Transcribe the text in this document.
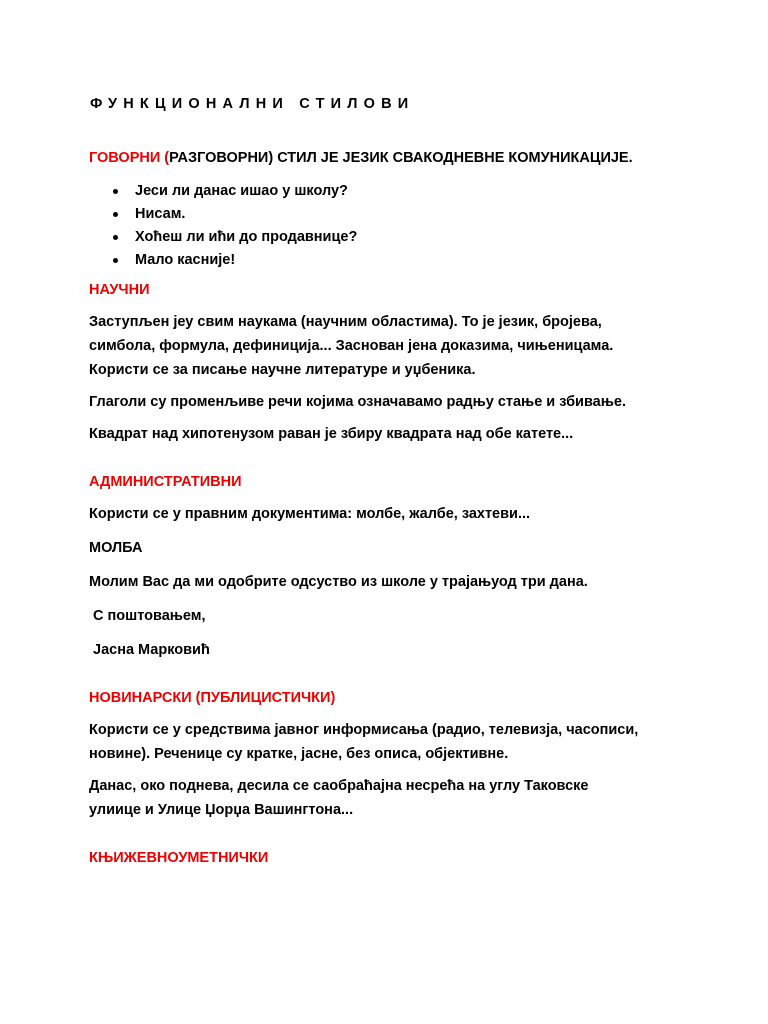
ФУНКЦИОНАЛНИ СТИЛОВИ
ГОВОРНИ (РАЗГОВОРНИ) СТИЛ ЈЕ ЈЕЗИК СВАКОДНЕВНЕ КОМУНИКАЦИЈЕ.
Јеси ли данас ишао у школу?
Нисам.
Хоћеш ли ићи до продавнице?
Мало касније!
НАУЧНИ
Заступљен јеу свим наукама (научним областима). То је језик, бројева,
симбола, формула, дефиниција... Заснован јена доказима, чињеницама.
Користи се за писање научне литературе и уџбеника.
Глаголи су променљиве речи којима означавамо радњу стање и збивање.
Квадрат над хипотенузом раван је збиру квадрата над обе катете...
АДМИНИСТРАТИВНИ
Користи се у правним документима: молбе, жалбе, захтеви...
МОЛБА
Молим Вас да ми одобрите одсуство из школе у трајањуод три дана.
С поштовањем,
Јасна Марковић
НОВИНАРСКИ (ПУБЛИЦИСТИЧКИ)
Користи се у средствима јавног информисања (радио, телевизја, часописи,
новине). Реченице су кратке, јасне, без описа, објективне.
Данас, око поднева, десила се саобраћајна несрећа на углу Таковске
улиице и Улице Џорџа Вашингтона...
КЊИЖЕВНОУМЕТНИЧКИ
